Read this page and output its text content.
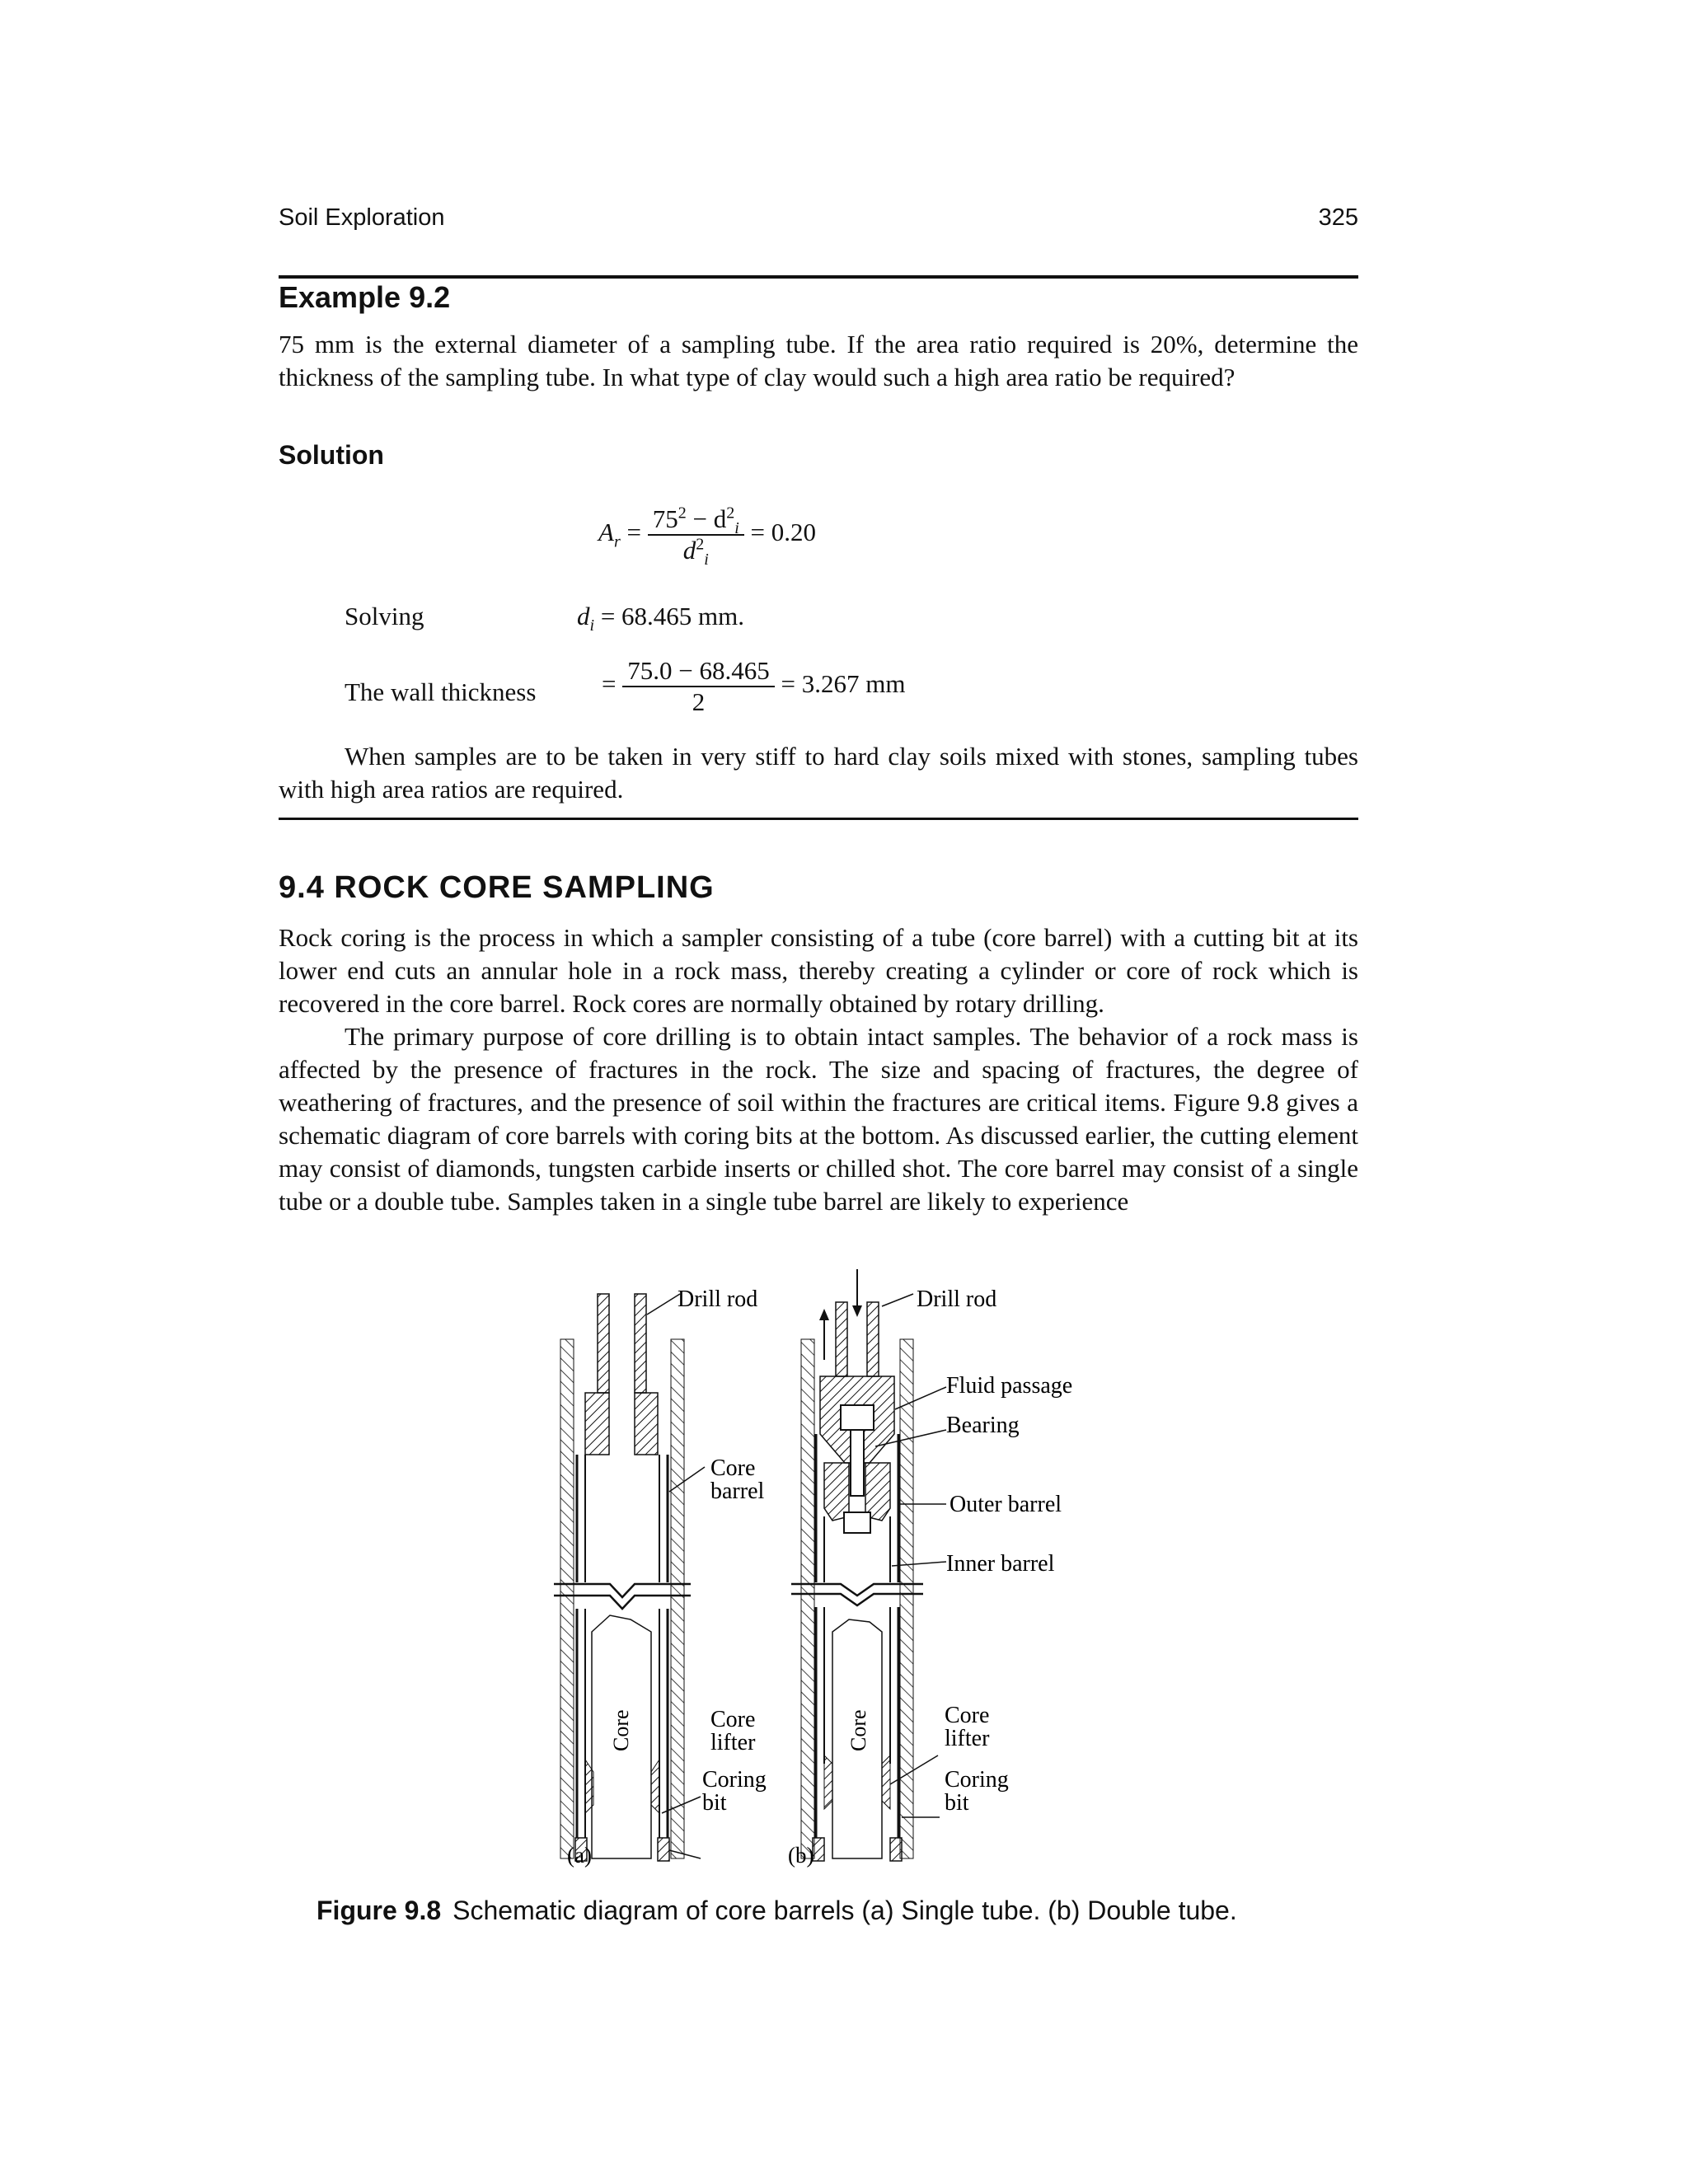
Soil Exploration	325
Example 9.2
75 mm is the external diameter of a sampling tube. If the area ratio required is 20%, determine the thickness of the sampling tube. In what type of clay would such a high area ratio be required?
Solution
$A_r = \frac{75^2 - d^2_i}{d^2_i} = 0.20$
Solving	$d_i = 68.465$ mm.
The wall thickness	= $\frac{75.0 - 68.465}{2} = 3.267$ mm
When samples are to be taken in very stiff to hard clay soils mixed with stones, sampling tubes with high area ratios are required.
9.4 ROCK CORE SAMPLING
Rock coring is the process in which a sampler consisting of a tube (core barrel) with a cutting bit at its lower end cuts an annular hole in a rock mass, thereby creating a cylinder or core of rock which is recovered in the core barrel. Rock cores are normally obtained by rotary drilling.
The primary purpose of core drilling is to obtain intact samples. The behavior of a rock mass is affected by the presence of fractures in the rock. The size and spacing of fractures, the degree of weathering of fractures, and the presence of soil within the fractures are critical items. Figure 9.8 gives a schematic diagram of core barrels with coring bits at the bottom. As discussed earlier, the cutting element may consist of diamonds, tungsten carbide inserts or chilled shot. The core barrel may consist of a single tube or a double tube. Samples taken in a single tube barrel are likely to experience
Drill rod
Core
barrel
Core	Core
lifter
Coring
bit
(a)
Drill rod
Fluid passage
Bearing
Outer barrel
Inner barrel
Core	Core
lifter
Coring
bit
(b)
Figure 9.8 Schematic diagram of core barrels (a) Single tube. (b) Double tube.
